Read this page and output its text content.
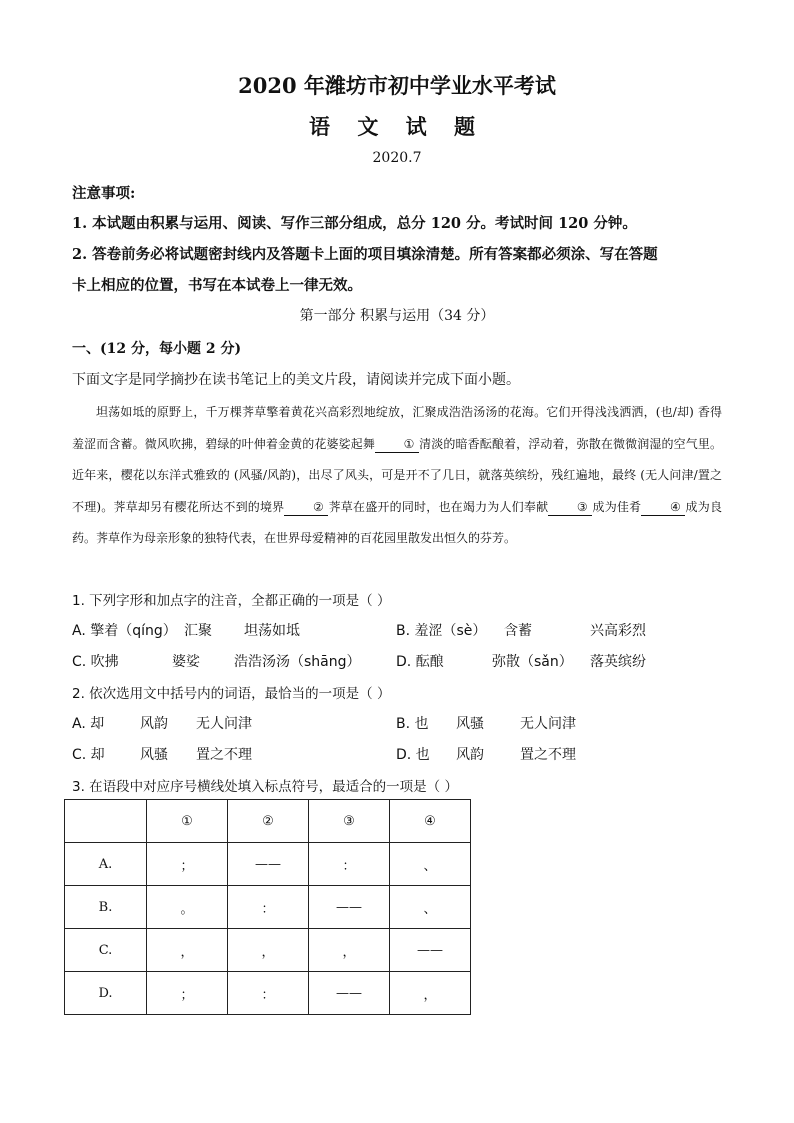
2020 年潍坊市初中学业水平考试
语 文 试 题
2020.7
注意事项:
1. 本试题由积累与运用、阅读、写作三部分组成，总分 120 分。考试时间 120 分钟。
2. 答卷前务必将试题密封线内及答题卡上面的项目填涂清楚。所有答案都必须涂、写在答题
卡上相应的位置，书写在本试卷上一律无效。
第一部分 积累与运用（34 分）
一、(12 分，每小题 2 分)
下面文字是同学摘抄在读书笔记上的美文片段，请阅读并完成下面小题。

坦荡如坻的原野上，千万棵荠草擎着黄花兴高彩烈地绽放，汇聚成浩浩汤汤的花海。它们开得浅浅洒洒，(也/却) 香得羞涩而含蓄。微风吹拂，碧绿的叶伸着金黄的花婆娑起舞 ① 清淡的暗香酝酿着，浮动着，弥散在微微润湿的空气里。近年来，樱花以东洋式雅致的 (风骚/风韵)，出尽了风头，可是开不了几日，就落英缤纷，残红遍地，最终 (无人问津/置之不理)。荠草却另有樱花所达不到的境界 ② 荠草在盛开的同时，也在竭力为人们奉献 ③ 成为佳肴 ④ 成为良药。荠草作为母亲形象的独特代表，在世界母爱精神的百花园里散发出恒久的芬芳。

1. 下列字形和加点字的注音，全都正确的一项是（ ）
A. 擎着（qíng） 汇聚 坦荡如坻	B. 羞涩（sè） 含蓄	兴高彩烈
C. 吹拂	婆娑 浩浩汤汤（shāng）	D. 酝酿	弥散（sǎn） 落英缤纷
2. 依次选用文中括号内的词语，最恰当的一项是（ ）
A. 却	风韵 无人问津	B. 也 风骚	无人问津
C. 却	风骚 置之不理	D. 也 风韵	置之不理
3. 在语段中对应序号横线处填入标点符号，最适合的一项是（ ）
	①	②	③	④
A.	；	——	：	、
B.	。	：	——	、
C.	，	，	，	——
D.	；	：	——	，
